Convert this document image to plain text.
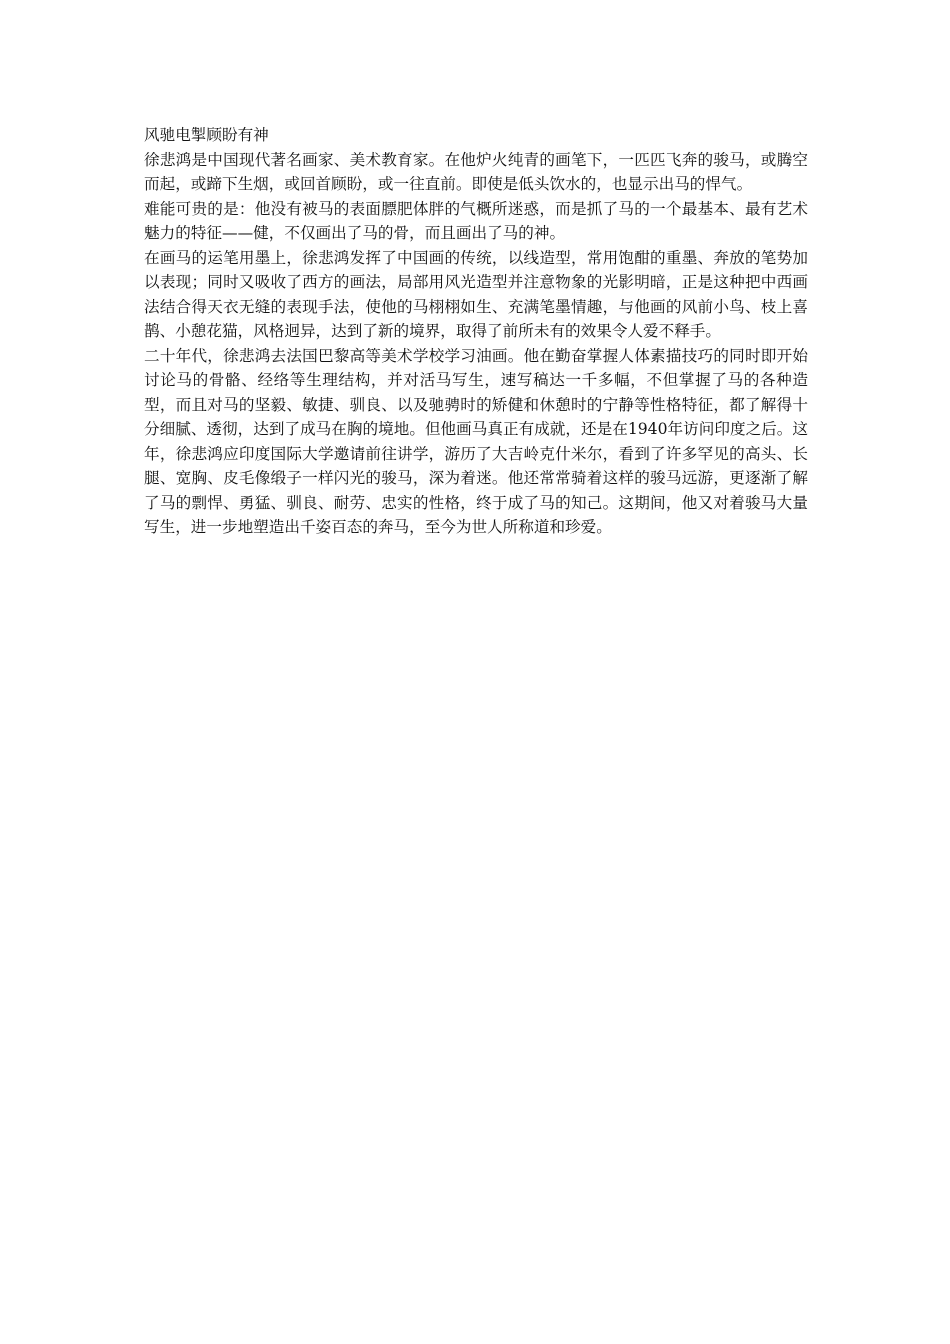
风驰电掣顾盼有神

徐悲鸿是中国现代著名画家、美术教育家。在他炉火纯青的画笔下，一匹匹飞奔的骏马，或腾空而起，或蹄下生烟，或回首顾盼，或一往直前。即使是低头饮水的，也显示出马的悍气。

难能可贵的是：他没有被马的表面膘肥体胖的气概所迷惑，而是抓了马的一个最基本、最有艺术魅力的特征——健，不仅画出了马的骨，而且画出了马的神。

在画马的运笔用墨上，徐悲鸿发挥了中国画的传统，以线造型，常用饱酣的重墨、奔放的笔势加以表现；同时又吸收了西方的画法，局部用风光造型并注意物象的光影明暗，正是这种把中西画法结合得天衣无缝的表现手法，使他的马栩栩如生、充满笔墨情趣，与他画的风前小鸟、枝上喜鹊、小憩花猫，风格迥异，达到了新的境界，取得了前所未有的效果令人爱不释手。

二十年代，徐悲鸿去法国巴黎高等美术学校学习油画。他在勤奋掌握人体素描技巧的同时即开始讨论马的骨骼、经络等生理结构，并对活马写生，速写稿达一千多幅，不但掌握了马的各种造型，而且对马的坚毅、敏捷、驯良、以及驰骋时的矫健和休憩时的宁静等性格特征，都了解得十分细腻、透彻，达到了成马在胸的境地。但他画马真正有成就，还是在1940年访问印度之后。这年，徐悲鸿应印度国际大学邀请前往讲学，游历了大吉岭克什米尔，看到了许多罕见的高头、长腿、宽胸、皮毛像缎子一样闪光的骏马，深为着迷。他还常常骑着这样的骏马远游，更逐渐了解了马的剽悍、勇猛、驯良、耐劳、忠实的性格，终于成了马的知己。这期间，他又对着骏马大量写生，进一步地塑造出千姿百态的奔马，至今为世人所称道和珍爱。
